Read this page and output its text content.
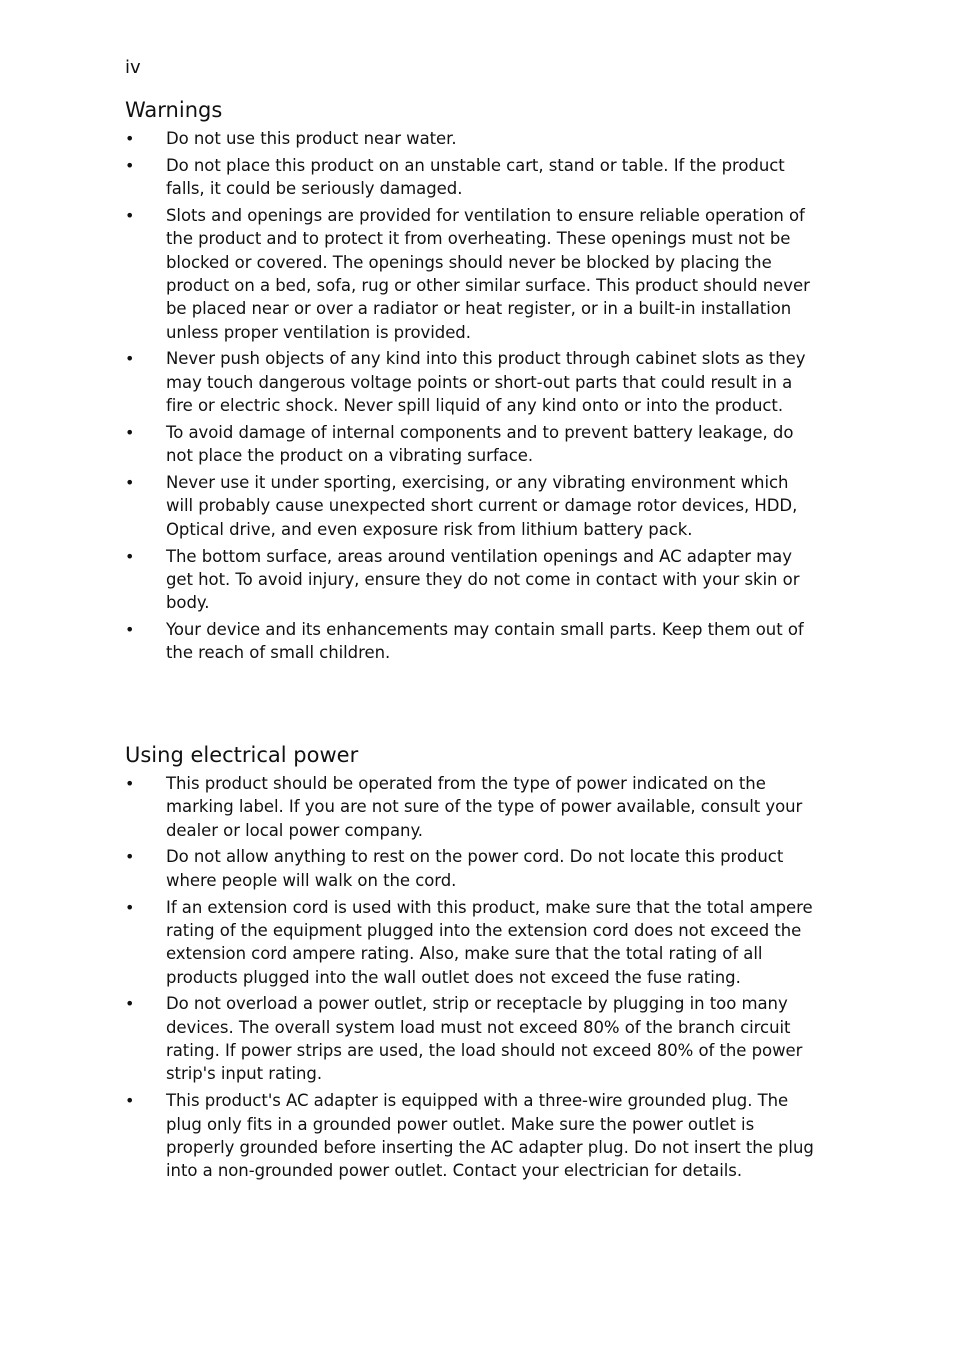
iv
Warnings
• Do not use this product near water.
• Do not place this product on an unstable cart, stand or table. If the product falls, it could be seriously damaged.
• Slots and openings are provided for ventilation to ensure reliable operation of the product and to protect it from overheating. These openings must not be blocked or covered. The openings should never be blocked by placing the product on a bed, sofa, rug or other similar surface. This product should never be placed near or over a radiator or heat register, or in a built-in installation unless proper ventilation is provided.
• Never push objects of any kind into this product through cabinet slots as they may touch dangerous voltage points or short-out parts that could result in a fire or electric shock. Never spill liquid of any kind onto or into the product.
• To avoid damage of internal components and to prevent battery leakage, do not place the product on a vibrating surface.
• Never use it under sporting, exercising, or any vibrating environment which will probably cause unexpected short current or damage rotor devices, HDD, Optical drive, and even exposure risk from lithium battery pack.
• The bottom surface, areas around ventilation openings and AC adapter may get hot. To avoid injury, ensure they do not come in contact with your skin or body.
• Your device and its enhancements may contain small parts. Keep them out of the reach of small children.
Using electrical power
• This product should be operated from the type of power indicated on the marking label. If you are not sure of the type of power available, consult your dealer or local power company.
• Do not allow anything to rest on the power cord. Do not locate this product where people will walk on the cord.
• If an extension cord is used with this product, make sure that the total ampere rating of the equipment plugged into the extension cord does not exceed the extension cord ampere rating. Also, make sure that the total rating of all products plugged into the wall outlet does not exceed the fuse rating.
• Do not overload a power outlet, strip or receptacle by plugging in too many devices. The overall system load must not exceed 80% of the branch circuit rating. If power strips are used, the load should not exceed 80% of the power strip's input rating.
• This product's AC adapter is equipped with a three-wire grounded plug. The plug only fits in a grounded power outlet. Make sure the power outlet is properly grounded before inserting the AC adapter plug. Do not insert the plug into a non-grounded power outlet. Contact your electrician for details.
